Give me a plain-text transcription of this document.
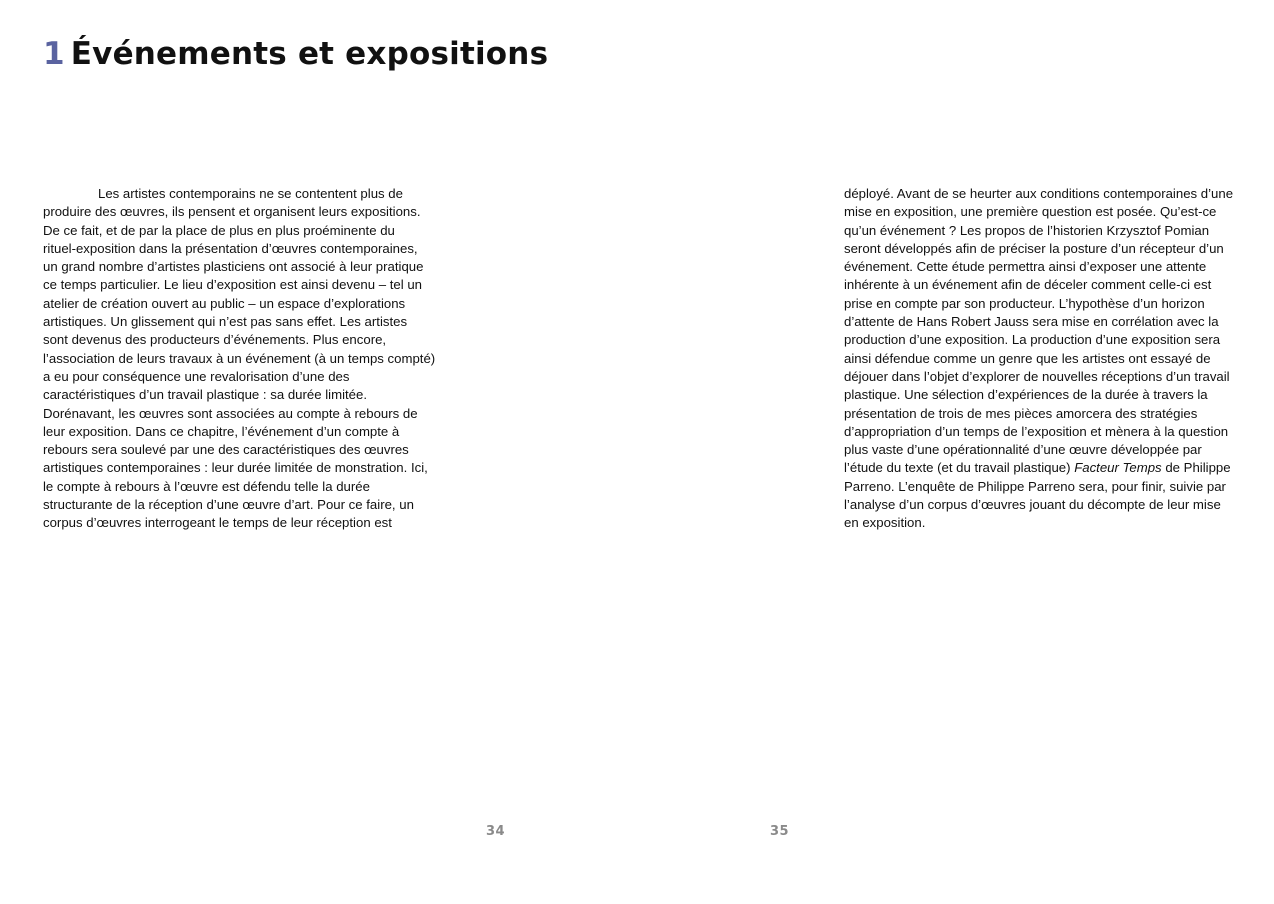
1 Événements et expositions

Les artistes contemporains ne se contentent plus de
produire des œuvres, ils pensent et organisent leurs expositions.
De ce fait, et de par la place de plus en plus proéminente du
rituel-exposition dans la présentation d’œuvres contemporaines,
un grand nombre d’artistes plasticiens ont associé à leur pratique
ce temps particulier. Le lieu d’exposition est ainsi devenu – tel un
atelier de création ouvert au public – un espace d’explorations
artistiques. Un glissement qui n’est pas sans effet. Les artistes
sont devenus des producteurs d’événements. Plus encore,
l’association de leurs travaux à un événement (à un temps compté)
a eu pour conséquence une revalorisation d’une des
caractéristiques d’un travail plastique : sa durée limitée.
Dorénavant, les œuvres sont associées au compte à rebours de
leur exposition. Dans ce chapitre, l’événement d’un compte à
rebours sera soulevé par une des caractéristiques des œuvres
artistiques contemporaines : leur durée limitée de monstration. Ici,
le compte à rebours à l’œuvre est défendu telle la durée
structurante de la réception d’une œuvre d’art. Pour ce faire, un
corpus d’œuvres interrogeant le temps de leur réception est

déployé. Avant de se heurter aux conditions contemporaines d’une
mise en exposition, une première question est posée. Qu’est-ce
qu’un événement ? Les propos de l’historien Krzysztof Pomian
seront développés afin de préciser la posture d’un récepteur d’un
événement. Cette étude permettra ainsi d’exposer une attente
inhérente à un événement afin de déceler comment celle-ci est
prise en compte par son producteur. L’hypothèse d’un horizon
d’attente de Hans Robert Jauss sera mise en corrélation avec la
production d’une exposition. La production d’une exposition sera
ainsi défendue comme un genre que les artistes ont essayé de
déjouer dans l’objet d’explorer de nouvelles réceptions d’un travail
plastique. Une sélection d’expériences de la durée à travers la
présentation de trois de mes pièces amorcera des stratégies
d’appropriation d’un temps de l’exposition et mènera à la question
plus vaste d’une opérationnalité d’une œuvre développée par
l’étude du texte (et du travail plastique) Facteur Temps de Philippe
Parreno. L’enquête de Philippe Parreno sera, pour finir, suivie par
l’analyse d’un corpus d’œuvres jouant du décompte de leur mise
en exposition.

34	35
